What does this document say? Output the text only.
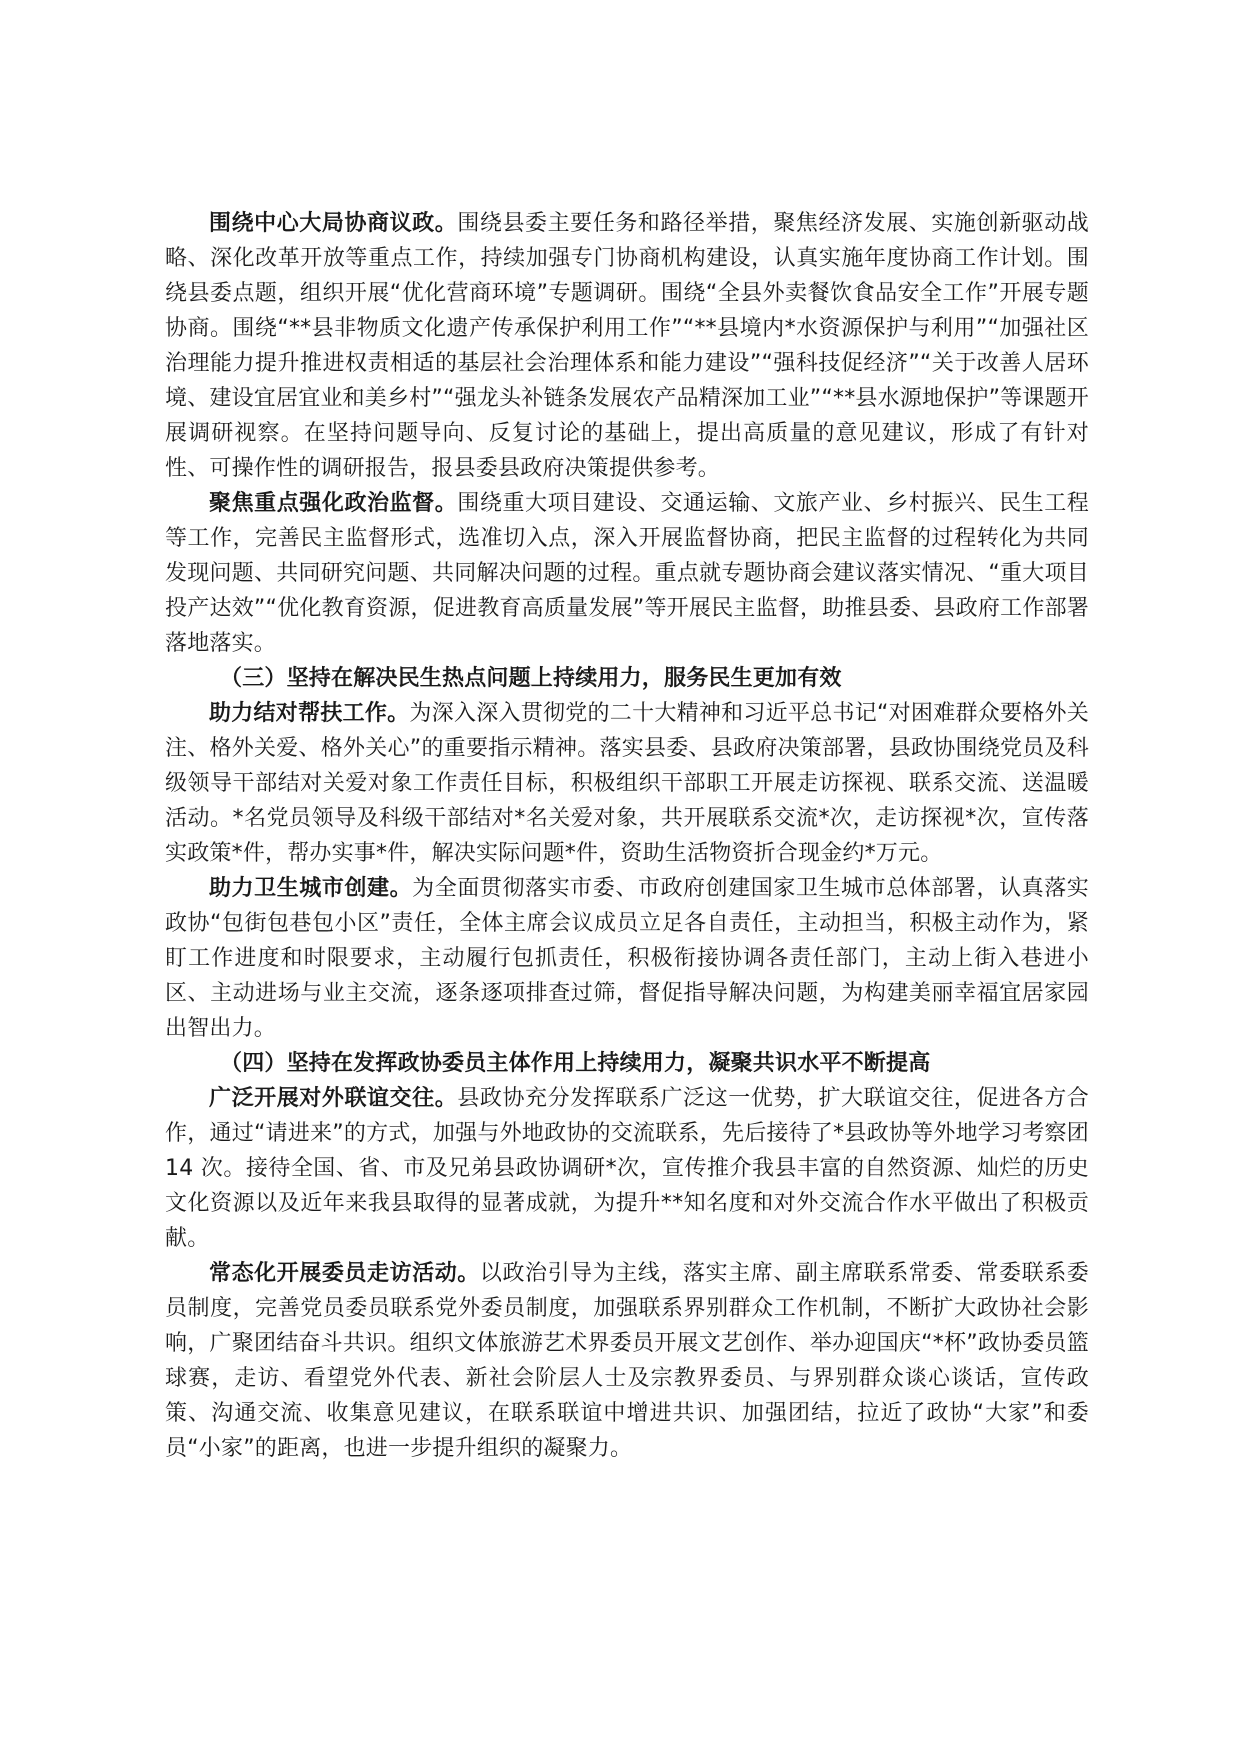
围绕中心大局协商议政。围绕县委主要任务和路径举措，聚焦经济发展、实施创新驱动战略、深化改革开放等重点工作，持续加强专门协商机构建设，认真实施年度协商工作计划。围绕县委点题，组织开展“优化营商环境”专题调研。围绕“全县外卖餐饮食品安全工作”开展专题协商。围绕“**县非物质文化遗产传承保护利用工作”“**县境内*水资源保护与利用”“加强社区治理能力提升推进权责相适的基层社会治理体系和能力建设”“强科技促经济”“关于改善人居环境、建设宜居宜业和美乡村”“强龙头补链条发展农产品精深加工业”“**县水源地保护”等课题开展调研视察。在坚持问题导向、反复讨论的基础上，提出高质量的意见建议，形成了有针对性、可操作性的调研报告，报县委县政府决策提供参考。

聚焦重点强化政治监督。围绕重大项目建设、交通运输、文旅产业、乡村振兴、民生工程等工作，完善民主监督形式，选准切入点，深入开展监督协商，把民主监督的过程转化为共同发现问题、共同研究问题、共同解决问题的过程。重点就专题协商会建议落实情况、“重大项目投产达效”“优化教育资源，促进教育高质量发展”等开展民主监督，助推县委、县政府工作部署落地落实。

（三）坚持在解决民生热点问题上持续用力，服务民生更加有效

助力结对帮扶工作。为深入深入贯彻党的二十大精神和习近平总书记“对困难群众要格外关注、格外关爱、格外关心”的重要指示精神。落实县委、县政府决策部署，县政协围绕党员及科级领导干部结对关爱对象工作责任目标，积极组织干部职工开展走访探视、联系交流、送温暖活动。*名党员领导及科级干部结对*名关爱对象，共开展联系交流*次，走访探视*次，宣传落实政策*件，帮办实事*件，解决实际问题*件，资助生活物资折合现金约*万元。

助力卫生城市创建。为全面贯彻落实市委、市政府创建国家卫生城市总体部署，认真落实政协“包街包巷包小区”责任，全体主席会议成员立足各自责任，主动担当，积极主动作为，紧盯工作进度和时限要求，主动履行包抓责任，积极衔接协调各责任部门，主动上街入巷进小区、主动进场与业主交流，逐条逐项排查过筛，督促指导解决问题，为构建美丽幸福宜居家园出智出力。

（四）坚持在发挥政协委员主体作用上持续用力，凝聚共识水平不断提高

广泛开展对外联谊交往。县政协充分发挥联系广泛这一优势，扩大联谊交往，促进各方合作，通过“请进来”的方式，加强与外地政协的交流联系，先后接待了*县政协等外地学习考察团 14 次。接待全国、省、市及兄弟县政协调研*次，宣传推介我县丰富的自然资源、灿烂的历史文化资源以及近年来我县取得的显著成就，为提升**知名度和对外交流合作水平做出了积极贡献。

常态化开展委员走访活动。以政治引导为主线，落实主席、副主席联系常委、常委联系委员制度，完善党员委员联系党外委员制度，加强联系界别群众工作机制，不断扩大政协社会影响，广聚团结奋斗共识。组织文体旅游艺术界委员开展文艺创作、举办迎国庆“*杯”政协委员篮球赛，走访、看望党外代表、新社会阶层人士及宗教界委员、与界别群众谈心谈话，宣传政策、沟通交流、收集意见建议，在联系联谊中增进共识、加强团结，拉近了政协“大家”和委员“小家”的距离，也进一步提升组织的凝聚力。
